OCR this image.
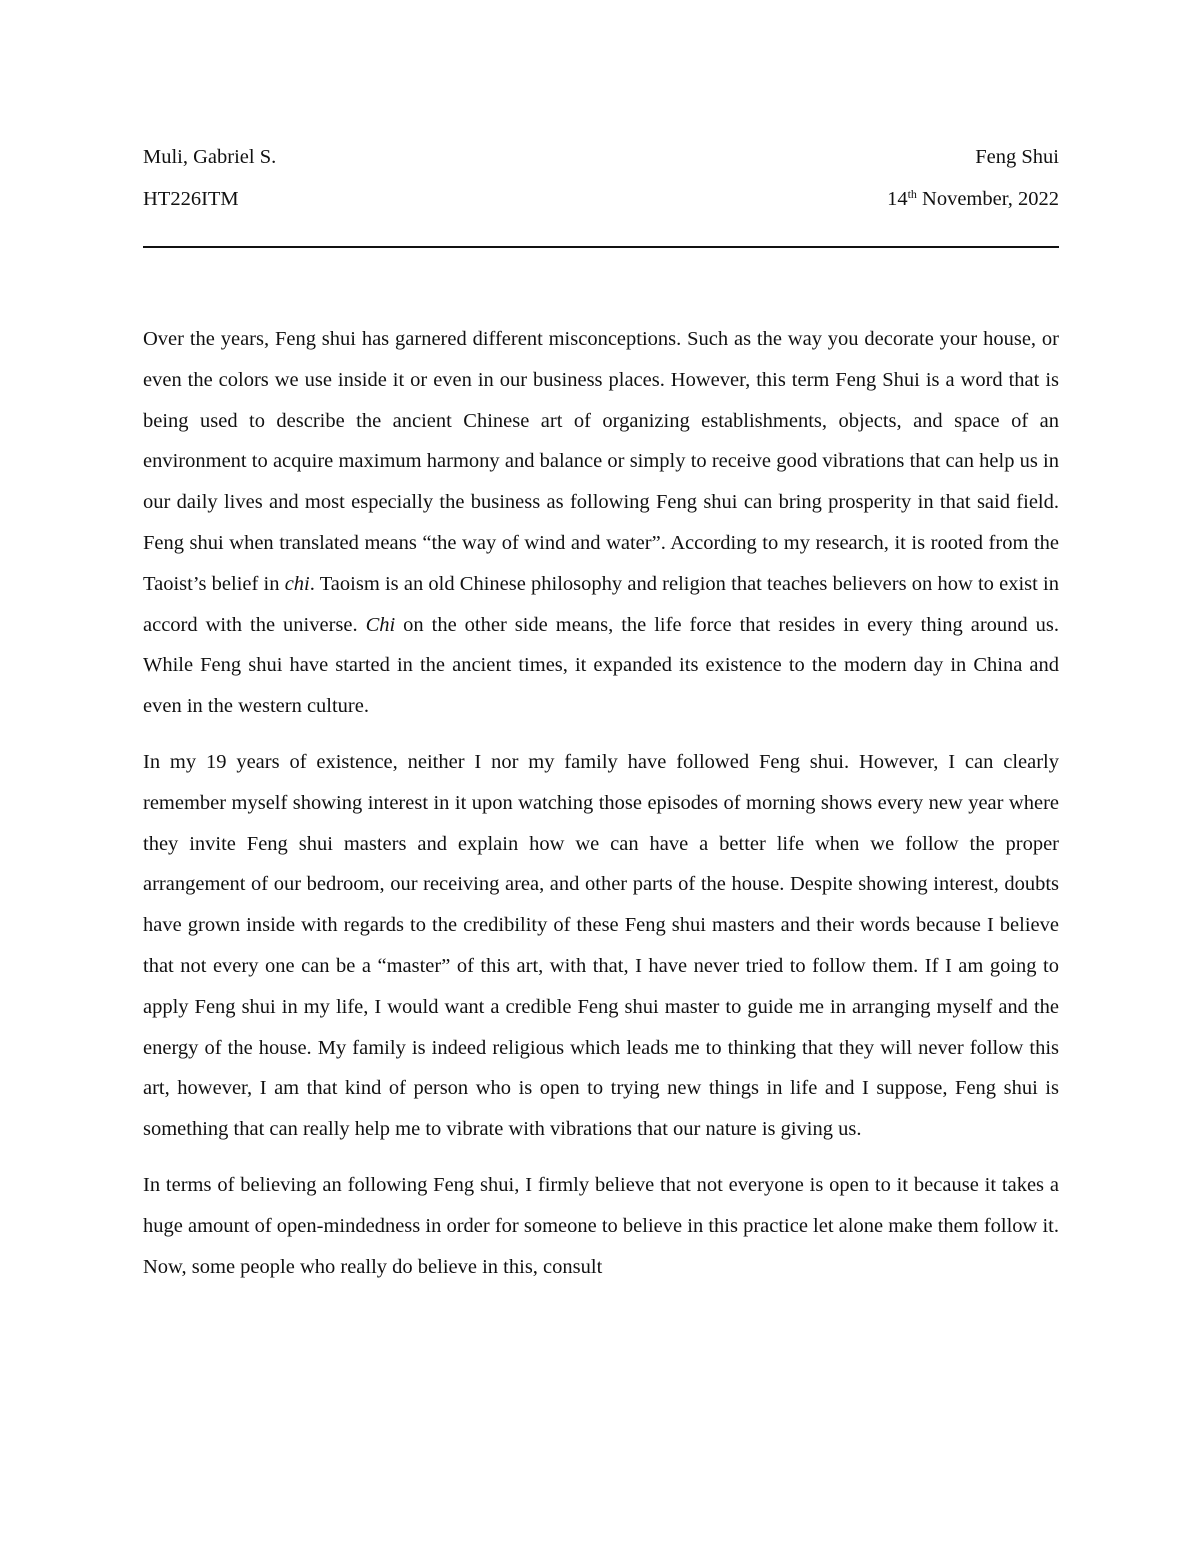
Muli, Gabriel S.	Feng Shui
HT226ITM	14th November, 2022

Over the years, Feng shui has garnered different misconceptions. Such as the way you decorate your house, or even the colors we use inside it or even in our business places. However, this term Feng Shui is a word that is being used to describe the ancient Chinese art of organizing establishments, objects, and space of an environment to acquire maximum harmony and balance or simply to receive good vibrations that can help us in our daily lives and most especially the business as following Feng shui can bring prosperity in that said field. Feng shui when translated means “the way of wind and water”. According to my research, it is rooted from the Taoist’s belief in chi. Taoism is an old Chinese philosophy and religion that teaches believers on how to exist in accord with the universe. Chi on the other side means, the life force that resides in every thing around us. While Feng shui have started in the ancient times, it expanded its existence to the modern day in China and even in the western culture.

In my 19 years of existence, neither I nor my family have followed Feng shui. However, I can clearly remember myself showing interest in it upon watching those episodes of morning shows every new year where they invite Feng shui masters and explain how we can have a better life when we follow the proper arrangement of our bedroom, our receiving area, and other parts of the house. Despite showing interest, doubts have grown inside with regards to the credibility of these Feng shui masters and their words because I believe that not every one can be a “master” of this art, with that, I have never tried to follow them. If I am going to apply Feng shui in my life, I would want a credible Feng shui master to guide me in arranging myself and the energy of the house. My family is indeed religious which leads me to thinking that they will never follow this art, however, I am that kind of person who is open to trying new things in life and I suppose, Feng shui is something that can really help me to vibrate with vibrations that our nature is giving us.

In terms of believing an following Feng shui, I firmly believe that not everyone is open to it because it takes a huge amount of open-mindedness in order for someone to believe in this practice let alone make them follow it. Now, some people who really do believe in this, consult
